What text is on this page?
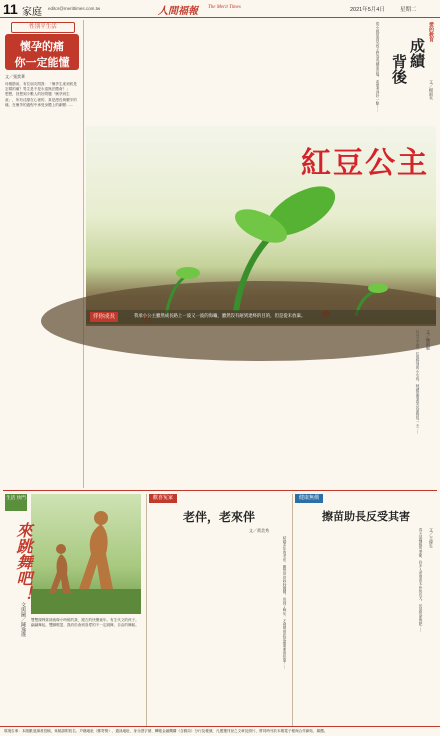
11 家庭 editor@merittimes.com.tw	人間福報 The Merit Times	2021年5月4日	星期二
性別平生活
懷孕的痛
你一定能懂
文／張貴華
母親節前，有位朋友問我：「懷孕生產到底是怎樣的痛？男生是不是永遠無法體會？」
想想，回想到少數人的好問題「懷孕到生產」，所有淫靡在心裡的，真是漫長與艱辛的痛，在懷孕的過程中承受身體上的劇變……
愛的教育
成績
背後
文／楊淑米
從小就常看見孩子們為成績而苦惱，希望考得好一點……
紅豆公主
伴你成長	我承小公主雖然成長路上一波又一波的海嘯，雖然沒有耐到達終的目的，但是從未放棄。
文／陳淑妮
紅豆公主是一位很特別的小女孩，她總是帶著笑容面對每一天……
生活 快門
來跳舞吧！
文與圖／陳逸璞 雙雙裸利妹妹就像小時候的我，跟古的快樂童年。有生代文的孩子。翩翩舞起，雙腳輕盈，我終於會到喜愛的不一定跳舞，自由的舞蹈。
歡喜冤家
老伴，老來伴
文／黃美秀
結婚多年的老伴，雖然常常吵吵鬧鬧，但到了晚年，才發覺彼此是最重要的依靠……
健康無價
擦苗助長反受其害
文／王偉生
春天是種植的季節，許多人希望苗木快快長大，於是拼命施肥……
環境告事：本版歡迎讀者投稿，來稿請附姓名、戶籍地址（郵寄獎）、通訊地址、身分證字號、轉帳金融機構（含郵局）分行及帳號，凡獲選刊登之文章及照片，將同時刊於本報電子報與合作網站、媒體。
